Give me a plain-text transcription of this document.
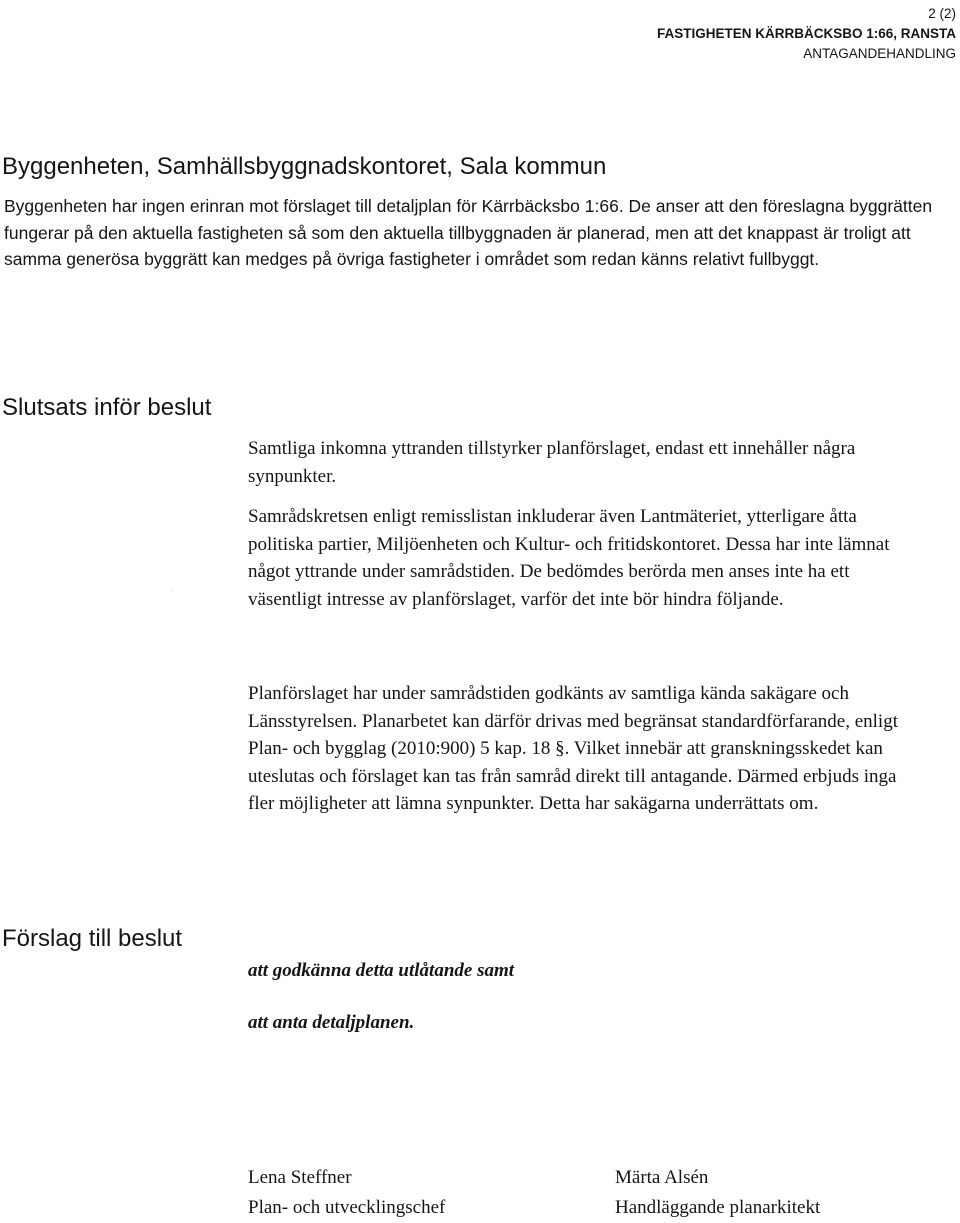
2 (2)
FASTIGHETEN KÄRRBÄCKSBO 1:66, RANSTA
ANTAGANDEHANDLING
Byggenheten, Samhällsbyggnadskontoret, Sala kommun

Byggenheten har ingen erinran mot förslaget till detaljplan för Kärrbäcksbo 1:66. De anser att den föreslagna byggrätten fungerar på den aktuella fastigheten så som den aktuella tillbyggnaden är planerad, men att det knappast är troligt att samma generösa byggrätt kan medges på övriga fastigheter i området som redan känns relativt fullbyggt.

Slutsats inför beslut

Samtliga inkomna yttranden tillstyrker planförslaget, endast ett innehåller några synpunkter.

Samrådskretsen enligt remisslistan inkluderar även Lantmäteriet, ytterligare åtta politiska partier, Miljöenheten och Kultur- och fritidskontoret. Dessa har inte lämnat något yttrande under samrådstiden. De bedömdes berörda men anses inte ha ett väsentligt intresse av planförslaget, varför det inte bör hindra följande.

Planförslaget har under samrådstiden godkänts av samtliga kända sakägare och Länsstyrelsen. Planarbetet kan därför drivas med begränsat standardförfarande, enligt Plan- och bygglag (2010:900) 5 kap. 18 §. Vilket innebär att granskningsskedet kan uteslutas och förslaget kan tas från samråd direkt till antagande. Därmed erbjuds inga fler möjligheter att lämna synpunkter. Detta har sakägarna underrättats om.

Förslag till beslut

att godkänna detta utlåtande samt

att anta detaljplanen.

Lena Steffner
Plan- och utvecklingschef
Märta Alsén
Handläggande planarkitekt
